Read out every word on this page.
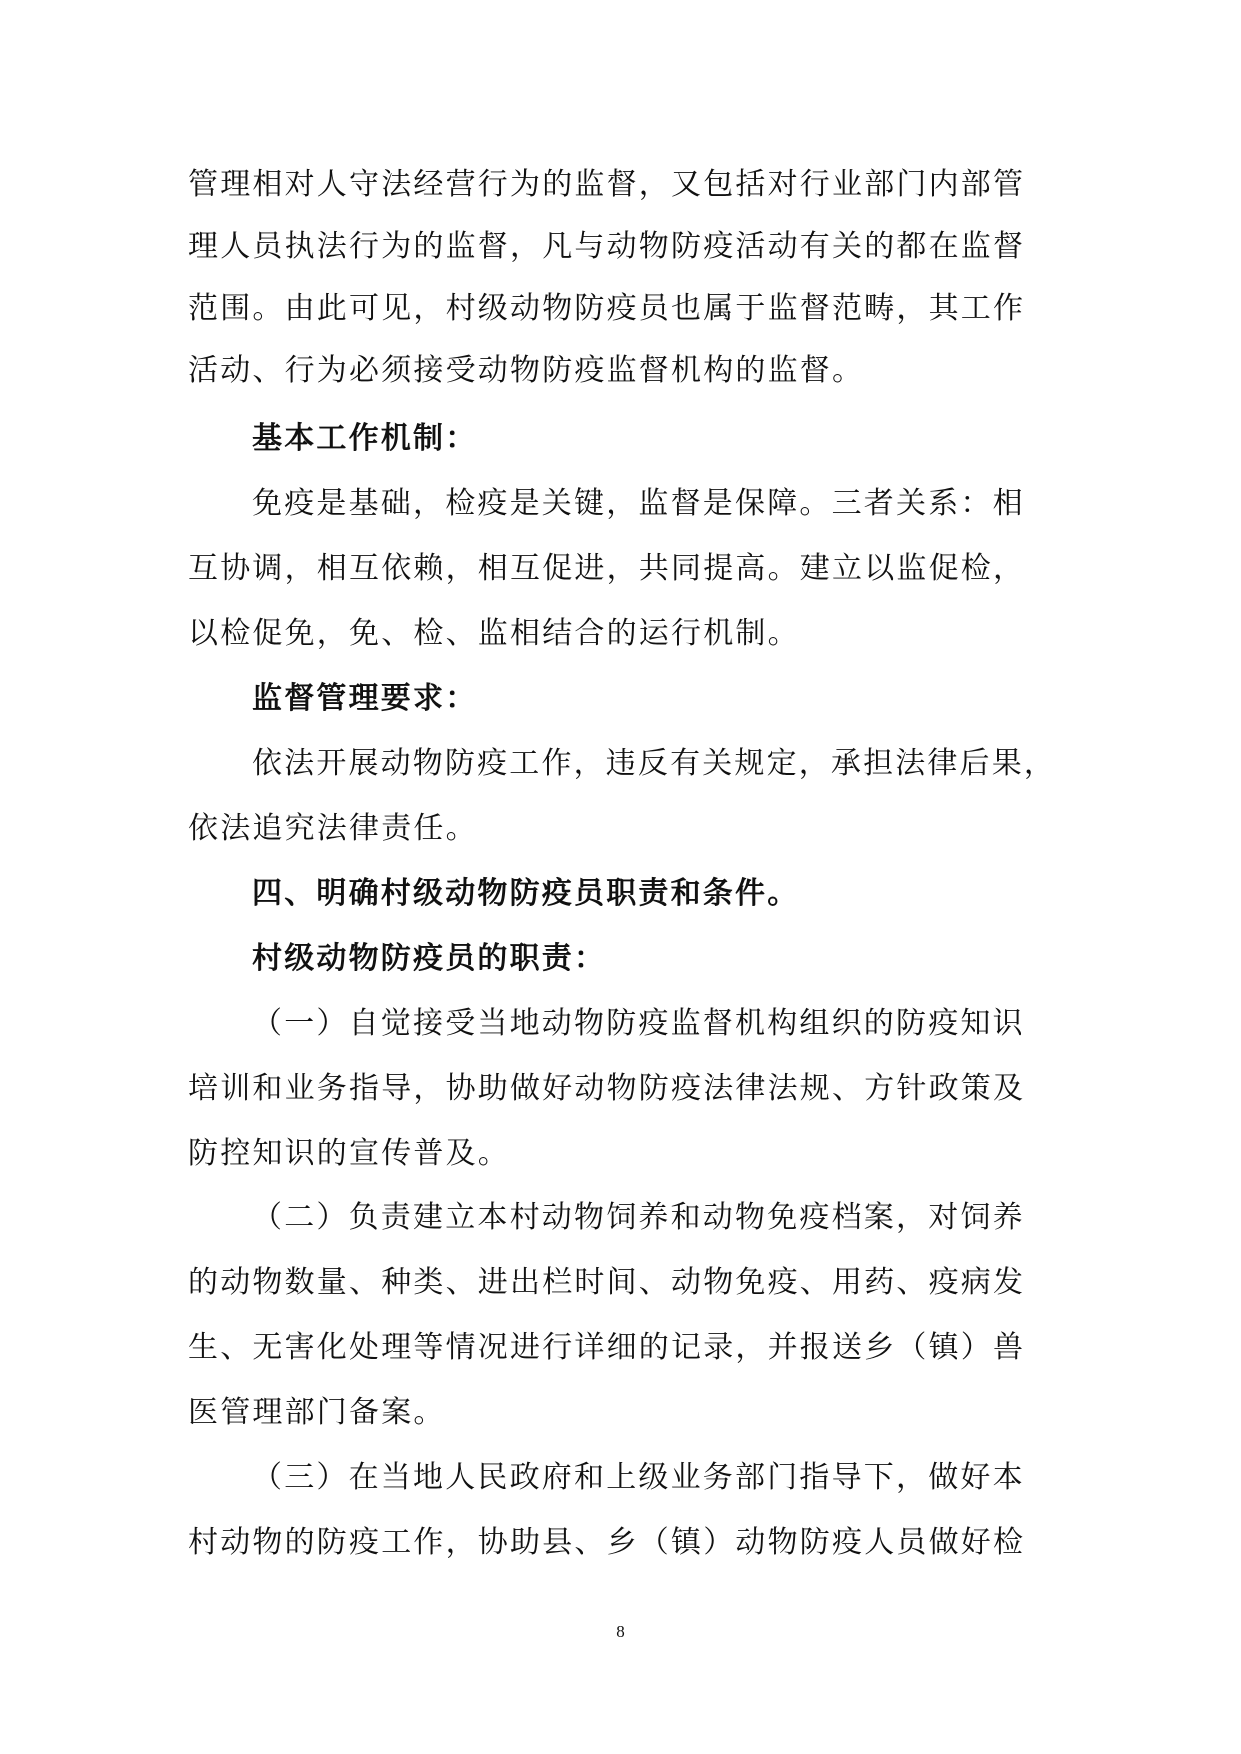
管理相对人守法经营行为的监督，又包括对行业部门内部管
理人员执法行为的监督，凡与动物防疫活动有关的都在监督
范围。由此可见，村级动物防疫员也属于监督范畴，其工作
活动、行为必须接受动物防疫监督机构的监督。
基本工作机制：
免疫是基础，检疫是关键，监督是保障。三者关系：相
互协调，相互依赖，相互促进，共同提高。建立以监促检，
以检促免，免、检、监相结合的运行机制。
监督管理要求：
依法开展动物防疫工作，违反有关规定，承担法律后果，
依法追究法律责任。
四、明确村级动物防疫员职责和条件。
村级动物防疫员的职责：
（一）自觉接受当地动物防疫监督机构组织的防疫知识
培训和业务指导，协助做好动物防疫法律法规、方针政策及
防控知识的宣传普及。
（二）负责建立本村动物饲养和动物免疫档案，对饲养
的动物数量、种类、进出栏时间、动物免疫、用药、疫病发
生、无害化处理等情况进行详细的记录，并报送乡（镇）兽
医管理部门备案。
（三）在当地人民政府和上级业务部门指导下，做好本
村动物的防疫工作，协助县、乡（镇）动物防疫人员做好检
8
